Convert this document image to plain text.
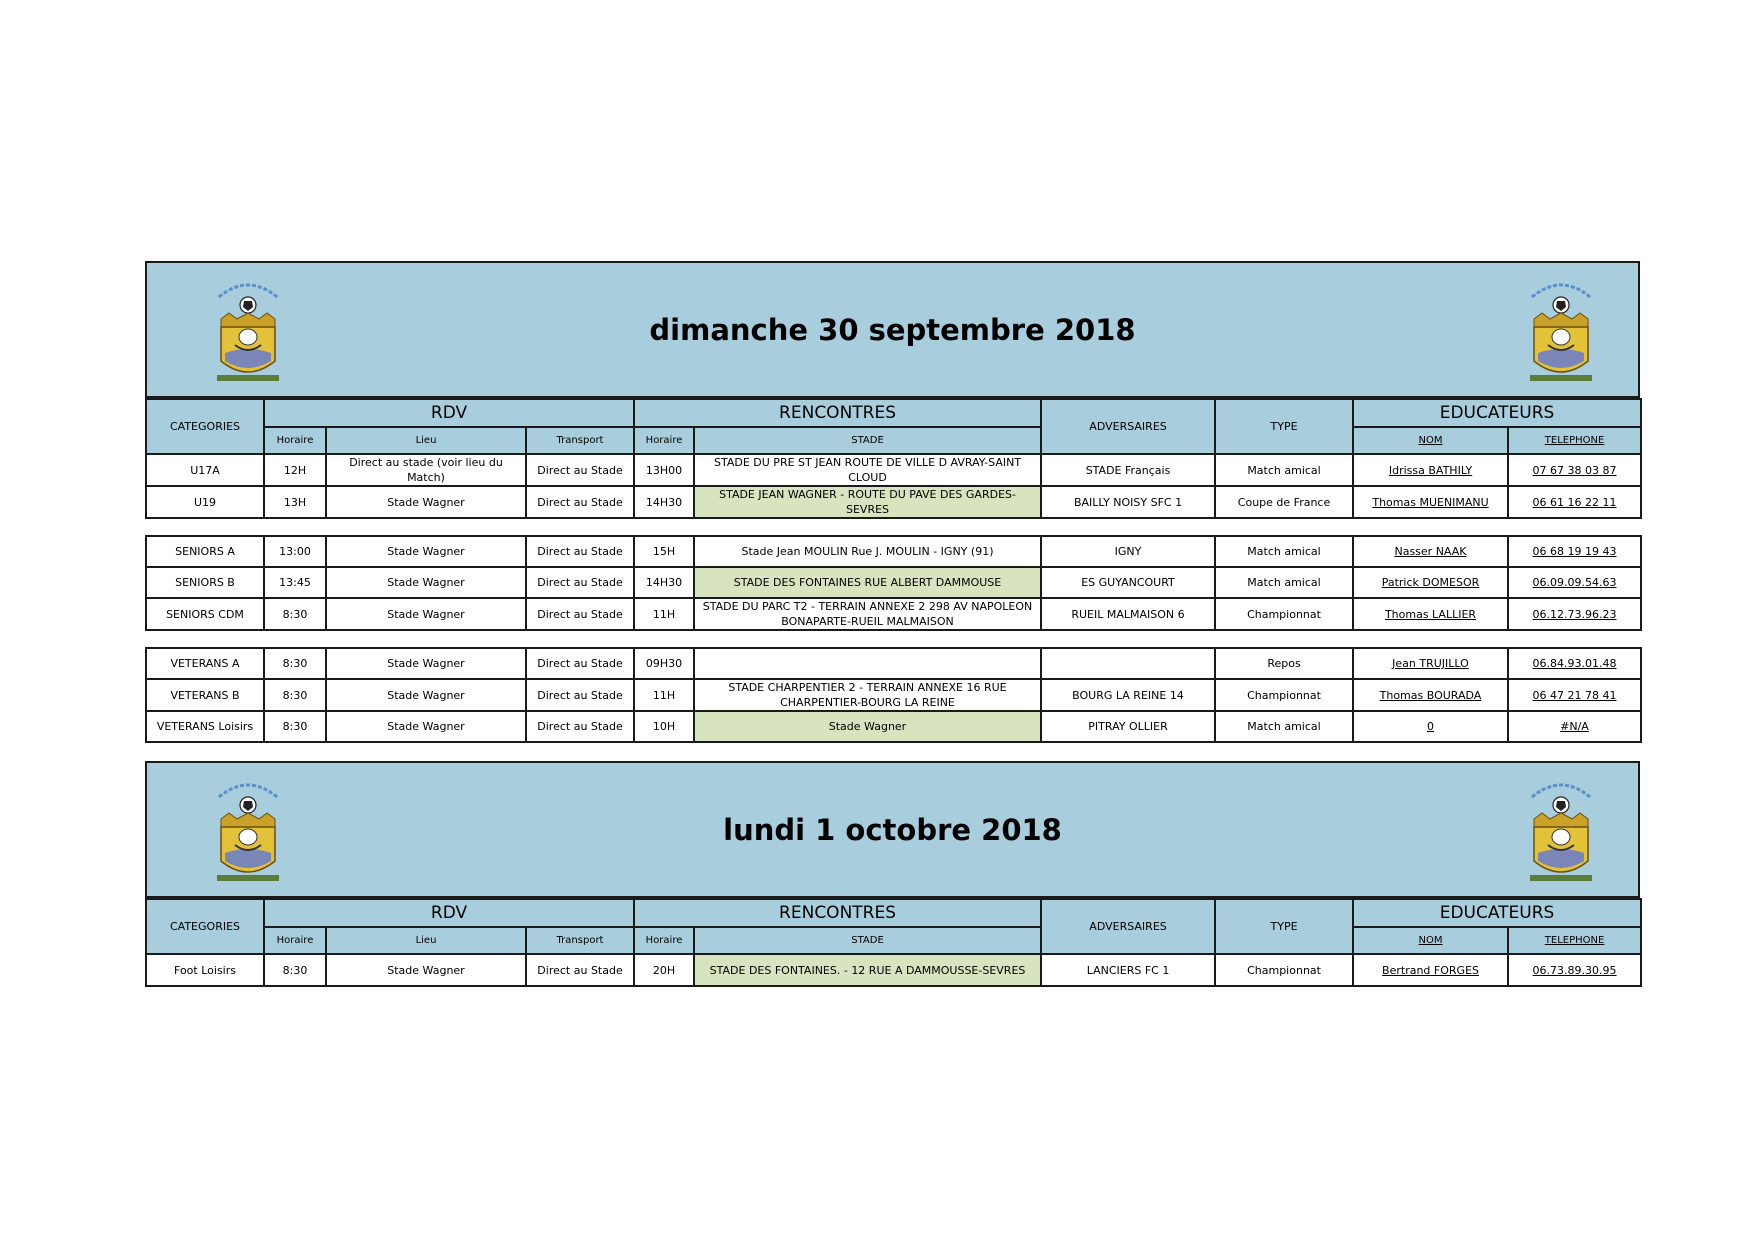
dimanche 30 septembre 2018
CATEGORIES	RDV			RENCONTRES		ADVERSAIRES	TYPE	EDUCATEURS	
	Horaire	Lieu	Transport	Horaire	STADE			NOM	TELEPHONE
U17A	12H	Direct au stade (voir lieu du Match)	Direct au Stade	13H00	STADE DU PRE ST JEAN ROUTE DE VILLE D AVRAY-SAINT CLOUD	STADE Français	Match amical	Idrissa BATHILY	07 67 38 03 87
U19	13H	Stade Wagner	Direct au Stade	14H30	STADE JEAN WAGNER - ROUTE DU PAVE DES GARDES-SEVRES	BAILLY NOISY SFC 1	Coupe de France	Thomas MUENIMANU	06 61 16 22 11
SENIORS A	13:00	Stade Wagner	Direct au Stade	15H	Stade Jean MOULIN Rue J. MOULIN - IGNY (91)	IGNY	Match amical	Nasser NAAK	06 68 19 19 43
SENIORS B	13:45	Stade Wagner	Direct au Stade	14H30	STADE DES FONTAINES RUE ALBERT DAMMOUSE	ES GUYANCOURT	Match amical	Patrick DOMESOR	06.09.09.54.63
SENIORS CDM	8:30	Stade Wagner	Direct au Stade	11H	STADE DU PARC T2 - TERRAIN ANNEXE 2 298 AV NAPOLEON BONAPARTE-RUEIL MALMAISON	RUEIL MALMAISON 6	Championnat	Thomas LALLIER	06.12.73.96.23
VETERANS A	8:30	Stade Wagner	Direct au Stade	09H30			Repos	Jean TRUJILLO	06.84.93.01.48
VETERANS B	8:30	Stade Wagner	Direct au Stade	11H	STADE CHARPENTIER 2 - TERRAIN ANNEXE 16 RUE CHARPENTIER-BOURG LA REINE	BOURG LA REINE 14	Championnat	Thomas BOURADA	06 47 21 78 41
VETERANS Loisirs	8:30	Stade Wagner	Direct au Stade	10H	Stade Wagner	PITRAY OLLIER	Match amical	0	#N/A
lundi 1 octobre 2018
CATEGORIES	RDV			RENCONTRES		ADVERSAIRES	TYPE	EDUCATEURS	
	Horaire	Lieu	Transport	Horaire	STADE			NOM	TELEPHONE
Foot Loisirs	8:30	Stade Wagner	Direct au Stade	20H	STADE DES FONTAINES. - 12 RUE A DAMMOUSSE-SEVRES	LANCIERS FC 1	Championnat	Bertrand FORGES	06.73.89.30.95
